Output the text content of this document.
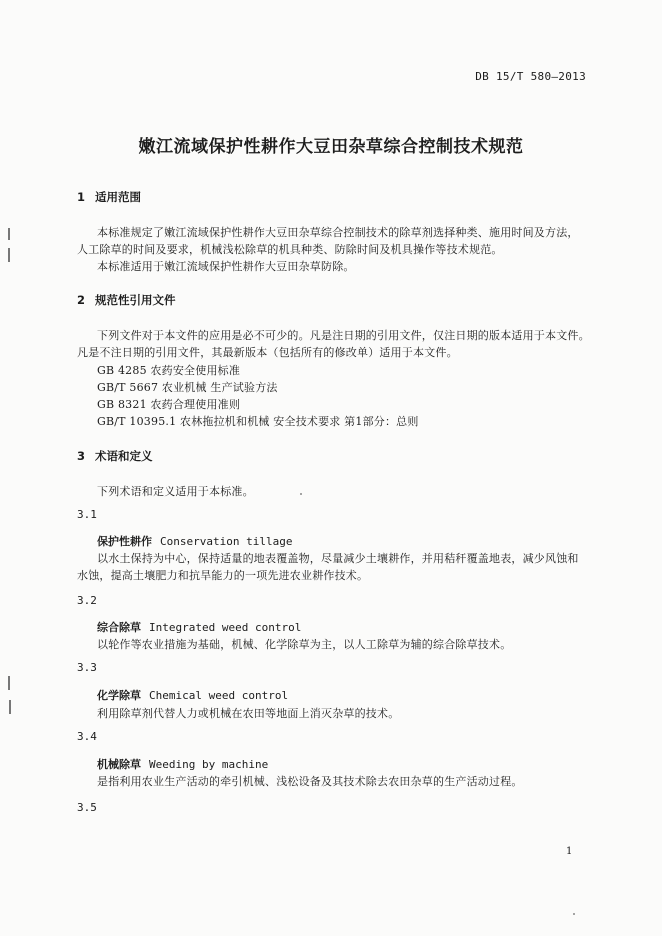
DB 15/T 580—2013
嫩江流域保护性耕作大豆田杂草综合控制技术规范
1 适用范围
本标准规定了嫩江流域保护性耕作大豆田杂草综合控制技术的除草剂选择种类、施用时间及方法，
人工除草的时间及要求，机械浅松除草的机具种类、防除时间及机具操作等技术规范。
本标准适用于嫩江流域保护性耕作大豆田杂草防除。
2 规范性引用文件
下列文件对于本文件的应用是必不可少的。凡是注日期的引用文件，仅注日期的版本适用于本文件。
凡是不注日期的引用文件，其最新版本（包括所有的修改单）适用于本文件。
GB 4285 农药安全使用标准
GB/T 5667 农业机械 生产试验方法
GB 8321 农药合理使用准则
GB/T 10395.1 农林拖拉机和机械 安全技术要求 第1部分：总则
3 术语和定义
下列术语和定义适用于本标准。
3.1
保护性耕作 Conservation tillage
以水土保持为中心，保持适量的地表覆盖物，尽量减少土壤耕作，并用秸秆覆盖地表，减少风蚀和
水蚀，提高土壤肥力和抗旱能力的一项先进农业耕作技术。
3.2
综合除草 Integrated weed control
以轮作等农业措施为基础，机械、化学除草为主，以人工除草为辅的综合除草技术。
3.3
化学除草 Chemical weed control
利用除草剂代替人力或机械在农田等地面上消灭杂草的技术。
3.4
机械除草 Weeding by machine
是指利用农业生产活动的牵引机械、浅松设备及其技术除去农田杂草的生产活动过程。
3.5
1
